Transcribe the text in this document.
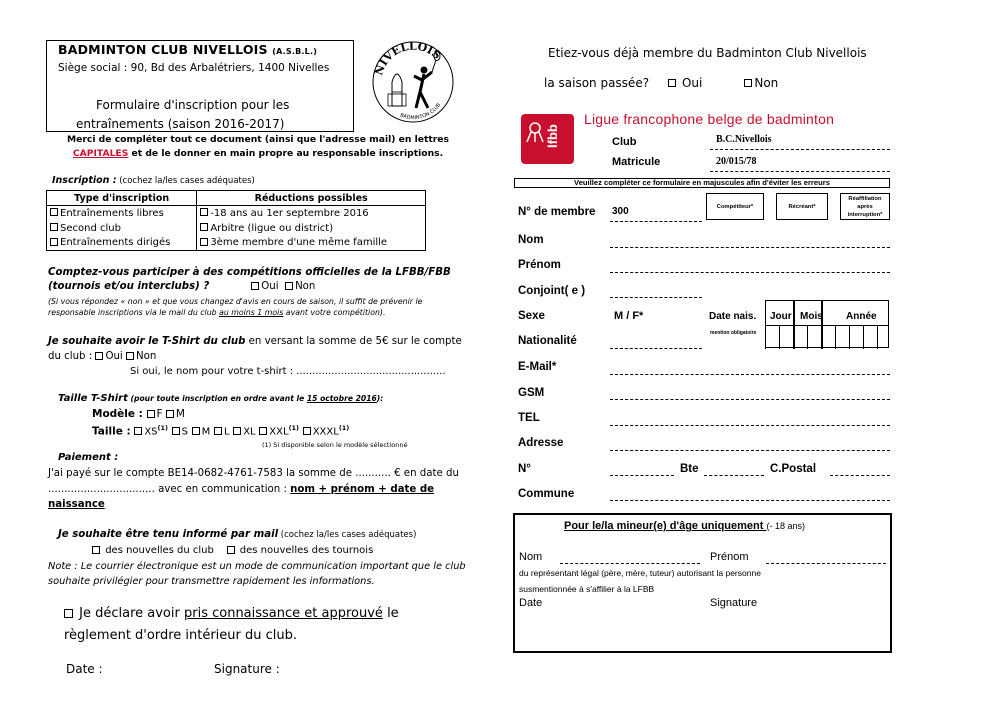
BADMINTON CLUB NIVELLOIS (A.S.B.L.)
Siège social : 90, Bd des Arbalétriers, 1400 Nivelles
Formulaire d'inscription pour les
entraînements (saison 2016-2017)
NIVELLOIS
BADMINTON CLUB
Merci de compléter tout ce document (ainsi que l'adresse mail) en lettres CAPITALES et de le donner en main propre au responsable inscriptions.
Inscription : (cochez la/les cases adéquates)
Type d'inscription	Réductions possibles
Entraînements libres	-18 ans au 1er septembre 2016
Second club	Arbitre (ligue ou district)
Entraînements dirigés	3ème membre d'une même famille
Comptez-vous participer à des compétitions officielles de la LFBB/FBB
(tournois et/ou interclubs) ?	Oui Non
(Si vous répondez « non » et que vous changez d'avis en cours de saison, il suffit de prévenir le responsable inscriptions via le mail du club au moins 1 mois avant votre compétition).
Je souhaite avoir le T-Shirt du club en versant la somme de 5€ sur le compte du club : Oui Non
Si oui, le nom pour votre t-shirt : ...............................................
Taille T-Shirt (pour toute inscription en ordre avant le 15 octobre 2016):
Modèle : F M
Taille : XS$^{(1)}$ S M L XL XXL$^{(1)}$ XXXL$^{(1)}$
(1) Si disponible selon le modèle sélectionné
Paiement :
J'ai payé sur le compte BE14-0682-4761-7583 la somme de ........... € en date du ................................. avec en communication : nom + prénom + date de naissance
Je souhaite être tenu informé par mail (cochez la/les cases adéquates)
des nouvelles du club	des nouvelles des tournois
Note : Le courrier électronique est un mode de communication important que le club souhaite privilégier pour transmettre rapidement les informations.
Je déclare avoir pris connaissance et approuvé le règlement d'ordre intérieur du club.
Date :	Signature :
Etiez-vous déjà membre du Badminton Club Nivellois
la saison passée?	Oui	Non
lfbb
Ligue francophone belge de badminton
Club	B.C.Nivellois
Matricule	20/015/78
Veuillez compléter ce formulaire en majuscules afin d'éviter les erreurs
N° de membre 300	Compétiteur*	Récréant*
Réaffiliation après interruption*
Nom
Prénom
Conjoint( e )
Sexe	M / F*	Date nais. Jour Mois Année
mention obligatoire
Nationalité
E-Mail*
GSM
TEL
Adresse
N°	Bte	C.Postal
Commune
Pour le/la mineur(e) d'âge uniquement (- 18 ans)
Nom	Prénom
du représentant légal (père, mère, tuteur) autorisant la personne
susmentionnée à s'affilier à la LFBB
Date	Signature
